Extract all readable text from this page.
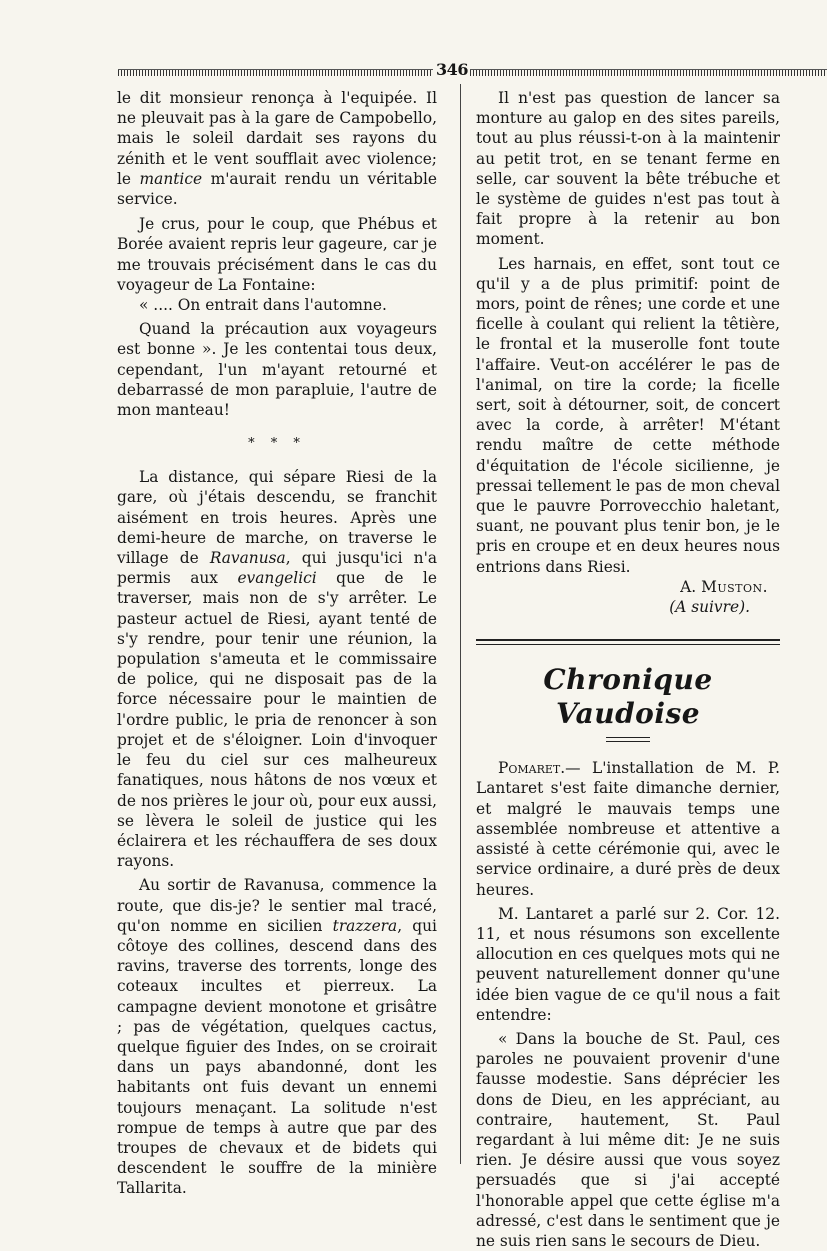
346

le dit monsieur renonça à l'equipée. Il ne pleuvait pas à la gare de Campobello, mais le soleil dardait ses rayons du zénith et le vent soufflait avec violence; le mantice m'aurait rendu un véritable service.

Je crus, pour le coup, que Phébus et Borée avaient repris leur gageure, car je me trouvais précisément dans le cas du voyageur de La Fontaine:

« .... On entrait dans l'automne.

Quand la précaution aux voyageurs est bonne ». Je les contentai tous deux, cependant, l'un m'ayant retourné et debarrassé de mon parapluie, l'autre de mon manteau!

* * *

La distance, qui sépare Riesi de la gare, où j'étais descendu, se franchit aisément en trois heures. Après une demi-heure de marche, on traverse le village de Ravanusa, qui jusqu'ici n'a permis aux evangelici que de le traverser, mais non de s'y arrêter. Le pasteur actuel de Riesi, ayant tenté de s'y rendre, pour tenir une réunion, la population s'ameuta et le commissaire de police, qui ne disposait pas de la force nécessaire pour le maintien de l'ordre public, le pria de renoncer à son projet et de s'éloigner. Loin d'invoquer le feu du ciel sur ces malheureux fanatiques, nous hâtons de nos vœux et de nos prières le jour où, pour eux aussi, se lèvera le soleil de justice qui les éclairera et les réchauffera de ses doux rayons.

Au sortir de Ravanusa, commence la route, que dis-je? le sentier mal tracé, qu'on nomme en sicilien trazzera, qui côtoye des collines, descend dans des ravins, traverse des torrents, longe des coteaux incultes et pierreux. La campagne devient monotone et grisâtre ; pas de végétation, quelques cactus, quelque figuier des Indes, on se croirait dans un pays abandonné, dont les habitants ont fuis devant un ennemi toujours menaçant. La solitude n'est rompue de temps à autre que par des troupes de chevaux et de bidets qui descendent le souffre de la minière Tallarita.

Il n'est pas question de lancer sa monture au galop en des sites pareils, tout au plus réussi-t-on à la maintenir au petit trot, en se tenant ferme en selle, car souvent la bête trébuche et le système de guides n'est pas tout à fait propre à la retenir au bon moment.

Les harnais, en effet, sont tout ce qu'il y a de plus primitif: point de mors, point de rênes; une corde et une ficelle à coulant qui relient la têtière, le frontal et la muserolle font toute l'affaire. Veut-on accélérer le pas de l'animal, on tire la corde; la ficelle sert, soit à détourner, soit, de concert avec la corde, à arrêter! M'étant rendu maître de cette méthode d'équitation de l'école sicilienne, je pressai tellement le pas de mon cheval que le pauvre Porrovecchio haletant, suant, ne pouvant plus tenir bon, je le pris en croupe et en deux heures nous entrions dans Riesi.

A. Muston.

(A suivre).

Chronique Vaudoise

Pomaret.— L'installation de M. P. Lantaret s'est faite dimanche dernier, et malgré le mauvais temps une assemblée nombreuse et attentive a assisté à cette cérémonie qui, avec le service ordinaire, a duré près de deux heures.

M. Lantaret a parlé sur 2. Cor. 12. 11, et nous résumons son excellente allocution en ces quelques mots qui ne peuvent naturellement donner qu'une idée bien vague de ce qu'il nous a fait entendre:

« Dans la bouche de St. Paul, ces paroles ne pouvaient provenir d'une fausse modestie. Sans déprécier les dons de Dieu, en les appréciant, au contraire, hautement, St. Paul regardant à lui même dit: Je ne suis rien. Je désire aussi que vous soyez persuadés que si j'ai accepté l'honorable appel que cette église m'a adressé, c'est dans le sentiment que je ne suis rien sans le secours de Dieu.
